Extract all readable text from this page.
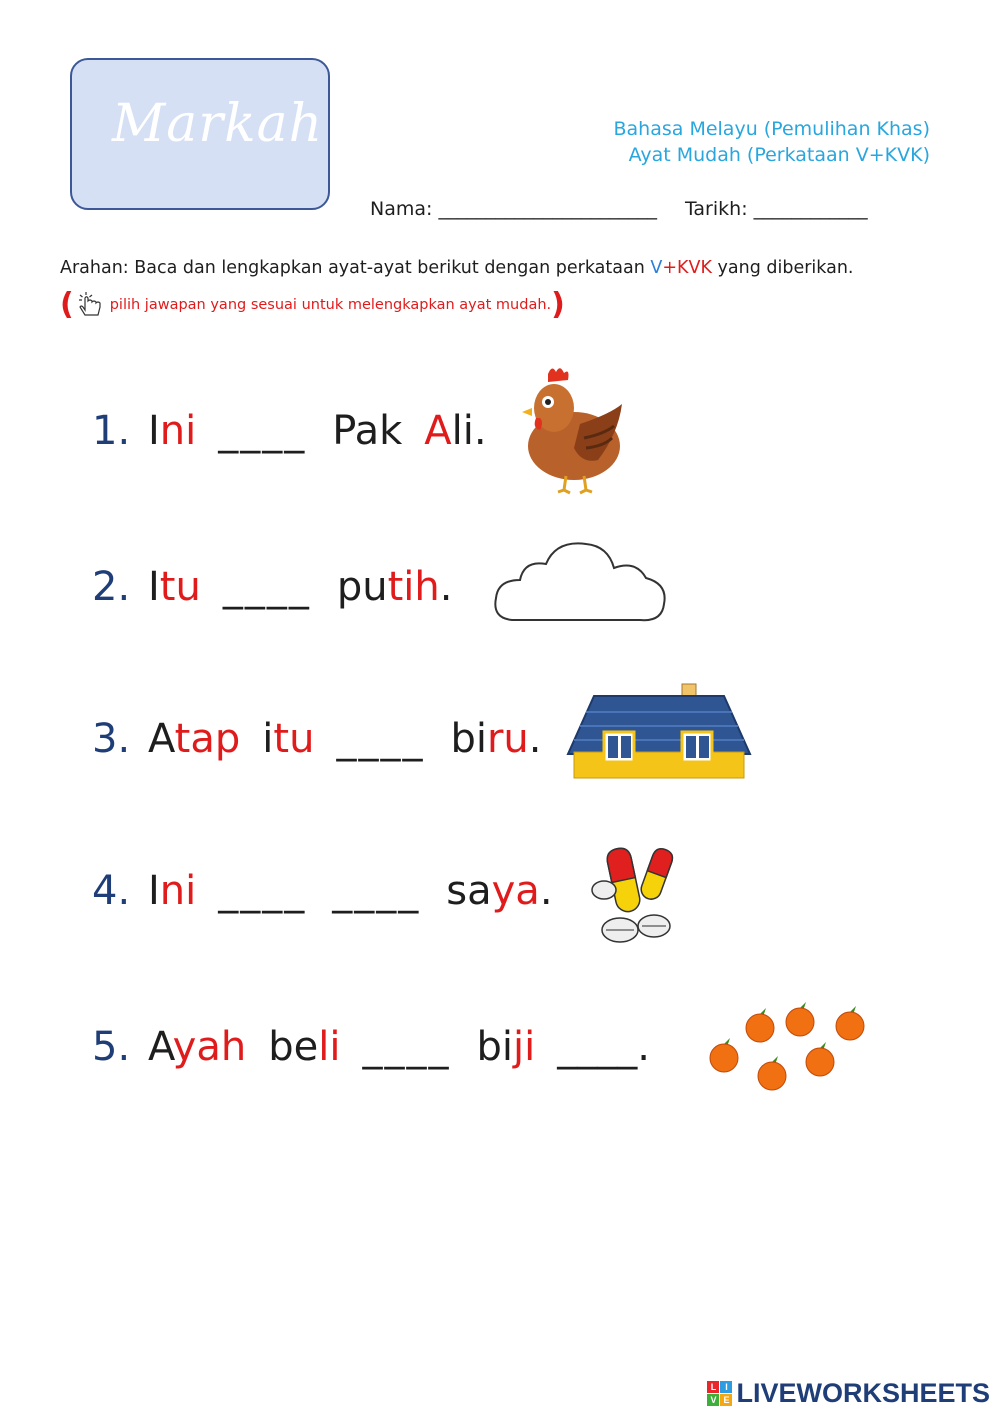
Markah	Bahasa Melayu (Pemulihan Khas)
Ayat Mudah (Perkataan V+KVK)
Nama: _______________________ Tarikh: ____________
Arahan: Baca dan lengkapkan ayat-ayat berikut dengan perkataan V+KVK yang diberikan.
( pilih jawapan yang sesuai untuk melengkapkan ayat mudah. )
1. Ini ____ Pak Ali.
2. Itu ____ putih.
3. Atap itu ____ biru.
4. Ini ____ ____ saya.
5. Ayah beli ____ biji ____.
L I
V E LIVEWORKSHEETS
